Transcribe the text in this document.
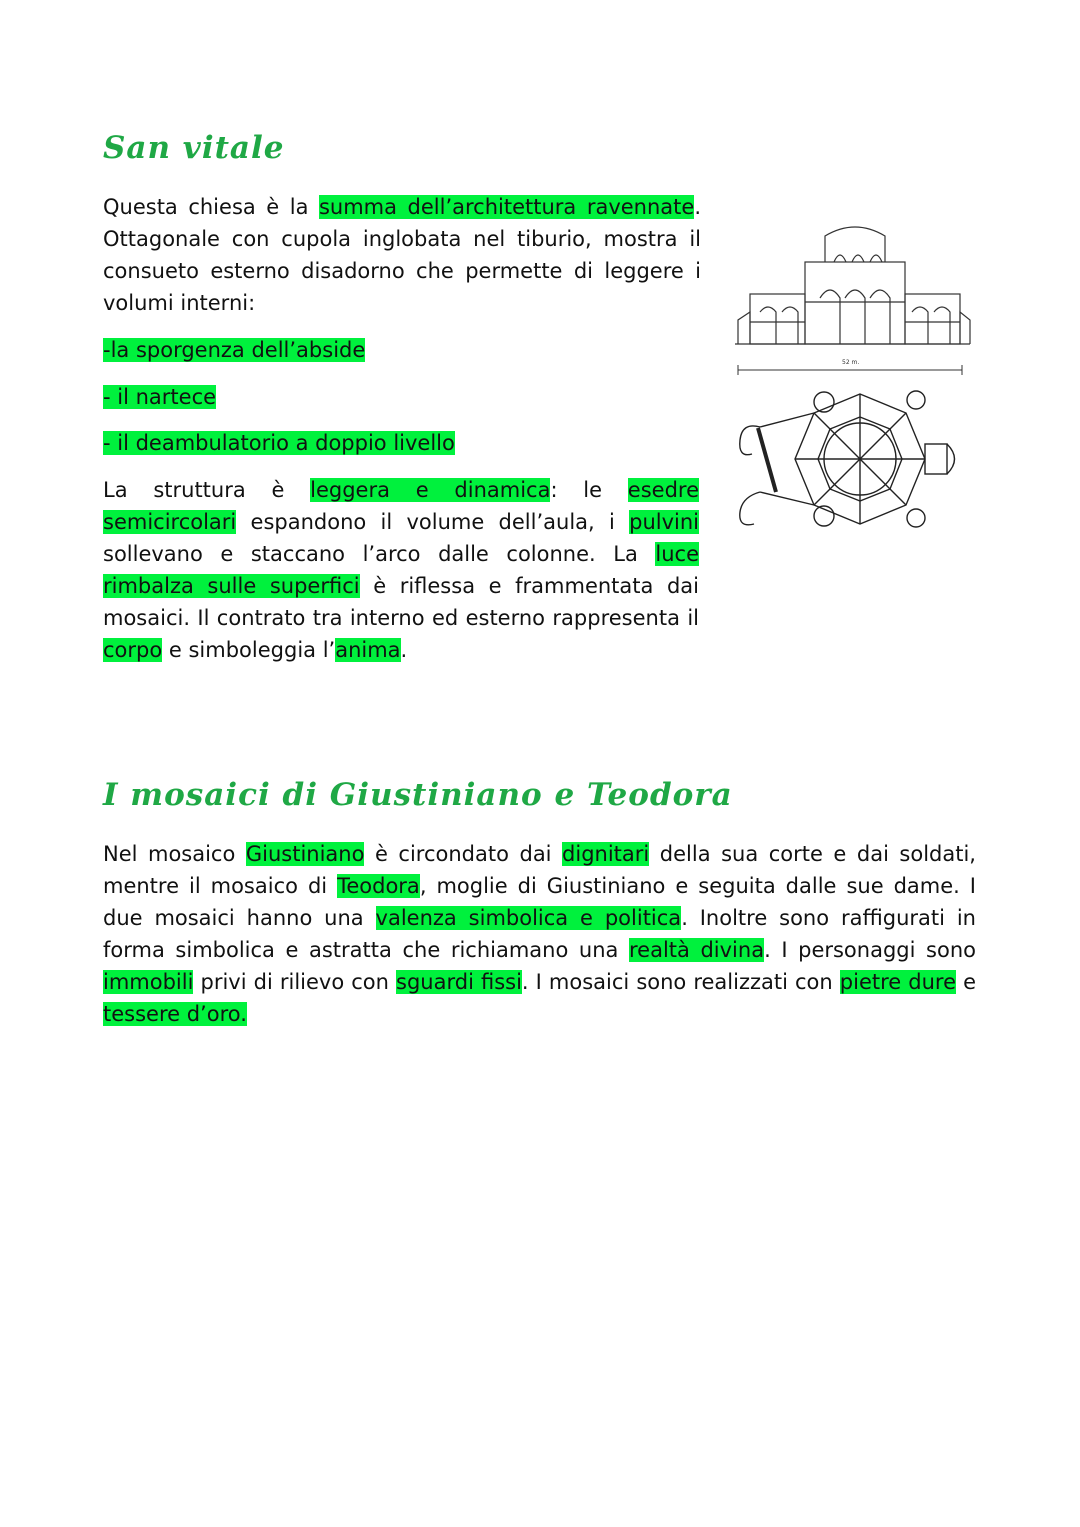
San vitale

Questa chiesa è la summa dell’architettura ravennate. Ottagonale con cupola inglobata nel tiburio, mostra il consueto esterno disadorno che permette di leggere i volumi interni:

-la sporgenza dell’abside

- il nartece

- il deambulatorio a doppio livello

La struttura è leggera e dinamica: le esedre semicircolari espandono il volume dell’aula, i pulvini sollevano e staccano l’arco dalle colonne. La luce rimbalza sulle superfici è riflessa e frammentata dai mosaici. Il contrato tra interno ed esterno rappresenta il corpo e simboleggia l’anima.

52 m.
I mosaici di Giustiniano e Teodora

Nel mosaico Giustiniano è circondato dai dignitari della sua corte e dai soldati, mentre il mosaico di Teodora, moglie di Giustiniano e seguita dalle sue dame. I due mosaici hanno una valenza simbolica e politica. Inoltre sono raffigurati in forma simbolica e astratta che richiamano una realtà divina. I personaggi sono immobili privi di rilievo con sguardi fissi. I mosaici sono realizzati con pietre dure e tessere d’oro.
